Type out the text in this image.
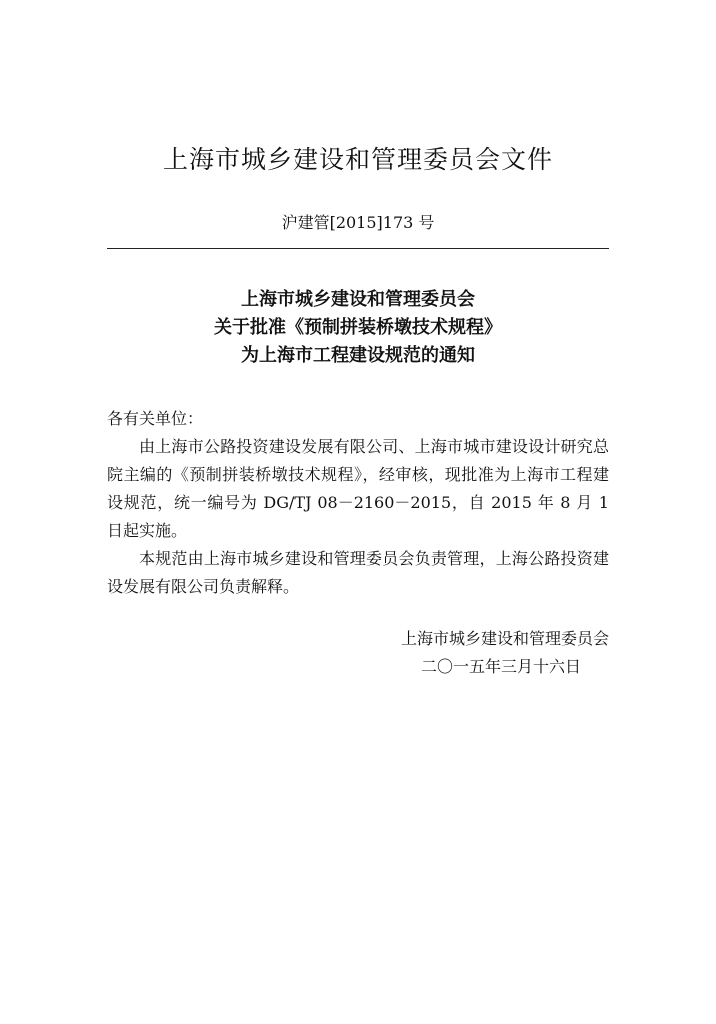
上海市城乡建设和管理委员会文件
沪建管[2015]173 号
上海市城乡建设和管理委员会
关于批准《预制拼装桥墩技术规程》
为上海市工程建设规范的通知

各有关单位：

由上海市公路投资建设发展有限公司、上海市城市建设设计研究总院主编的《预制拼装桥墩技术规程》，经审核，现批准为上海市工程建设规范，统一编号为 DG/TJ 08－2160－2015，自 2015 年 8 月 1 日起实施。

本规范由上海市城乡建设和管理委员会负责管理，上海公路投资建设发展有限公司负责解释。

上海市城乡建设和管理委员会
二〇一五年三月十六日
